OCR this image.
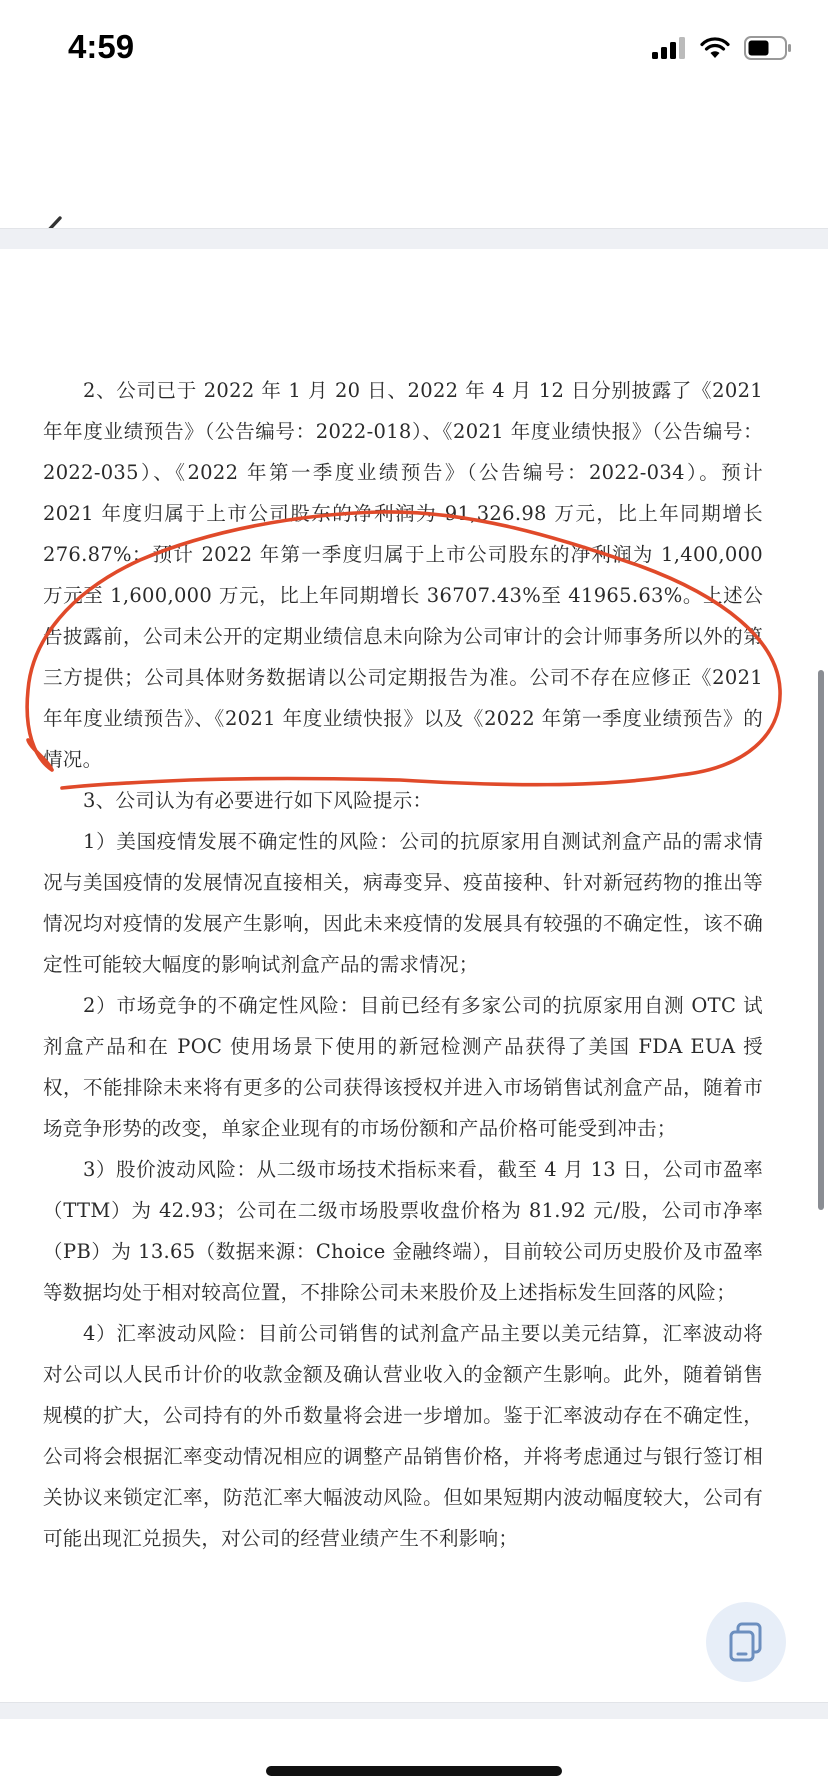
4:59

2、公司已于 2022 年 1 月 20 日、2022 年 4 月 12 日分别披露了《2021 年年度业绩预告》（公告编号：2022-018）、《2021 年度业绩快报》（公告编号：2022-035）、《2022 年第一季度业绩预告》（公告编号：2022-034）。预计 2021 年度归属于上市公司股东的净利润为 91,326.98 万元，比上年同期增长 276.87%；预计 2022 年第一季度归属于上市公司股东的净利润为 1,400,000 万元至 1,600,000 万元，比上年同期增长 36707.43%至 41965.63%。上述公告披露前，公司未公开的定期业绩信息未向除为公司审计的会计师事务所以外的第三方提供；公司具体财务数据请以公司定期报告为准。公司不存在应修正《2021 年年度业绩预告》、《2021 年度业绩快报》以及《2022 年第一季度业绩预告》的情况。

3、公司认为有必要进行如下风险提示：

1）美国疫情发展不确定性的风险：公司的抗原家用自测试剂盒产品的需求情况与美国疫情的发展情况直接相关，病毒变异、疫苗接种、针对新冠药物的推出等情况均对疫情的发展产生影响，因此未来疫情的发展具有较强的不确定性，该不确定性可能较大幅度的影响试剂盒产品的需求情况；

2）市场竞争的不确定性风险：目前已经有多家公司的抗原家用自测 OTC 试剂盒产品和在 POC 使用场景下使用的新冠检测产品获得了美国 FDA EUA 授权，不能排除未来将有更多的公司获得该授权并进入市场销售试剂盒产品，随着市场竞争形势的改变，单家企业现有的市场份额和产品价格可能受到冲击；

3）股价波动风险：从二级市场技术指标来看，截至 4 月 13 日，公司市盈率（TTM）为 42.93；公司在二级市场股票收盘价格为 81.92 元/股，公司市净率（PB）为 13.65（数据来源：Choice 金融终端），目前较公司历史股价及市盈率等数据均处于相对较高位置，不排除公司未来股价及上述指标发生回落的风险；

4）汇率波动风险：目前公司销售的试剂盒产品主要以美元结算，汇率波动将对公司以人民币计价的收款金额及确认营业收入的金额产生影响。此外，随着销售规模的扩大，公司持有的外币数量将会进一步增加。鉴于汇率波动存在不确定性，公司将会根据汇率变动情况相应的调整产品销售价格，并将考虑通过与银行签订相关协议来锁定汇率，防范汇率大幅波动风险。但如果短期内波动幅度较大，公司有可能出现汇兑损失，对公司的经营业绩产生不利影响；
